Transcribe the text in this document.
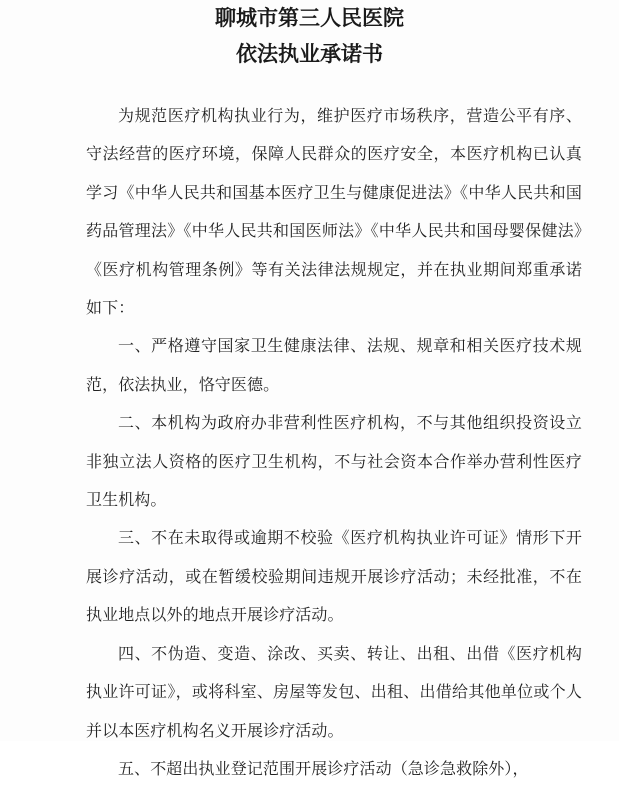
聊城市第三人民医院
依法执业承诺书

为规范医疗机构执业行为，维护医疗市场秩序，营造公平有序、守法经营的医疗环境，保障人民群众的医疗安全，本医疗机构已认真学习《中华人民共和国基本医疗卫生与健康促进法》《中华人民共和国药品管理法》《中华人民共和国医师法》《中华人民共和国母婴保健法》《医疗机构管理条例》等有关法律法规规定，并在执业期间郑重承诺如下：

一、严格遵守国家卫生健康法律、法规、规章和相关医疗技术规范，依法执业，恪守医德。

二、本机构为政府办非营利性医疗机构，不与其他组织投资设立非独立法人资格的医疗卫生机构，不与社会资本合作举办营利性医疗卫生机构。

三、不在未取得或逾期不校验《医疗机构执业许可证》情形下开展诊疗活动，或在暂缓校验期间违规开展诊疗活动；未经批准，不在执业地点以外的地点开展诊疗活动。

四、不伪造、变造、涂改、买卖、转让、出租、出借《医疗机构执业许可证》，或将科室、房屋等发包、出租、出借给其他单位或个人并以本医疗机构名义开展诊疗活动。

五、不超出执业登记范围开展诊疗活动（急诊急救除外），
